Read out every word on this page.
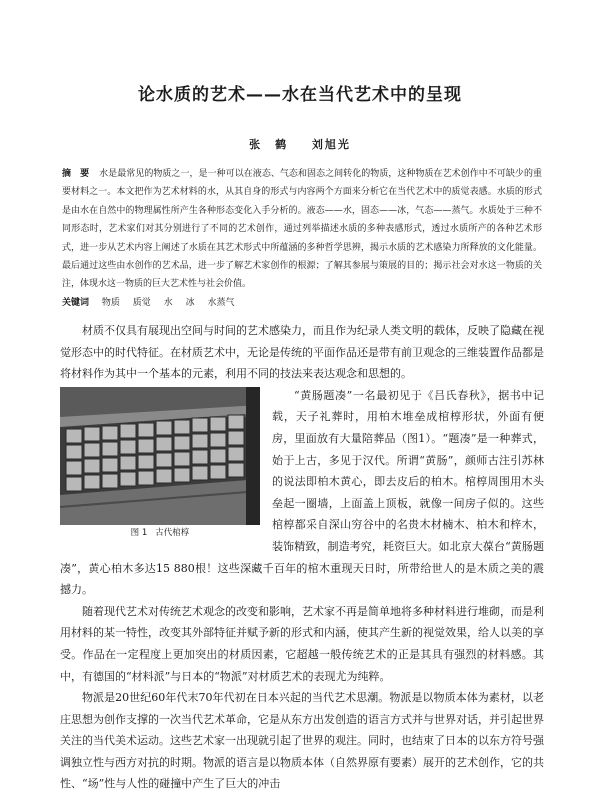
论水质的艺术——水在当代艺术中的呈现
张　鹤 刘旭光
摘　要 水是最常见的物质之一，是一种可以在液态、气态和固态之间转化的物质，这种物质在艺术创作中不可缺少的重要材料之一。本文把作为艺术材料的水，从其自身的形式与内容两个方面来分析它在当代艺术中的质觉表感。水质的形式是由水在自然中的物理属性所产生各种形态变化入手分析的。液态——水，固态——冰，气态——蒸气。水质处于三种不同形态时，艺术家们对其分别进行了不同的艺术创作，通过列举描述水质的多种表感形式，透过水质所产的各种艺术形式，进一步从艺术内容上阐述了水质在其艺术形式中所蕴涵的多种哲学思辨，揭示水质的艺术感染力所释放的文化能量。最后通过这些由水创作的艺术品，进一步了解艺术家创作的根源；了解其参展与策展的目的；揭示社会对水这一物质的关注，体现水这一物质的巨大艺术性与社会价值。
关键词 物质 质觉 水 冰 水蒸气

材质不仅具有展现出空间与时间的艺术感染力，而且作为纪录人类文明的载体，反映了隐藏在视觉形态中的时代特征。在材质艺术中，无论是传统的平面作品还是带有前卫观念的三维装置作品都是将材料作为其中一个基本的元素，利用不同的技法来表达观念和思想的。

图 1 古代棺椁

“黄肠题凑”一名最初见于《吕氏春秋》，据书中记载，天子礼葬时，用柏木堆垒成棺椁形状，外面有便房，里面放有大量陪葬品（图1）。“题凑”是一种葬式，始于上古，多见于汉代。所谓“黄肠”，颜师古注引苏林的说法即柏木黄心，即去皮后的柏木。棺椁周围用木头垒起一圈墙，上面盖上顶板，就像一间房子似的。这些棺椁都采自深山穷谷中的名贵木材楠木、柏木和梓木，装饰精致，制造考究，耗资巨大。如北京大葆台“黄肠题凑”，黄心柏木多达15 880根！这些深藏千百年的棺木重现天日时，所带给世人的是木质之美的震撼力。

随着现代艺术对传统艺术观念的改变和影响，艺术家不再是简单地将多种材料进行堆砌，而是利用材料的某一特性，改变其外部特征并赋予新的形式和内涵，使其产生新的视觉效果，给人以美的享受。作品在一定程度上更加突出的材质因素，它超越一般传统艺术的正是其具有强烈的材料感。其中，有德国的“材料派”与日本的“物派”对材质艺术的表现尤为纯粹。

物派是20世纪60年代末70年代初在日本兴起的当代艺术思潮。物派是以物质本体为素材，以老庄思想为创作支撑的一次当代艺术革命，它是从东方出发创造的语言方式并与世界对话，并引起世界关注的当代美术运动。这些艺术家一出现就引起了世界的观注。同时，也结束了日本的以东方符号强调独立性与西方对抗的时期。物派的语言是以物质本体（自然界原有要素）展开的艺术创作，它的共性、“场”性与人性的碰撞中产生了巨大的冲击
